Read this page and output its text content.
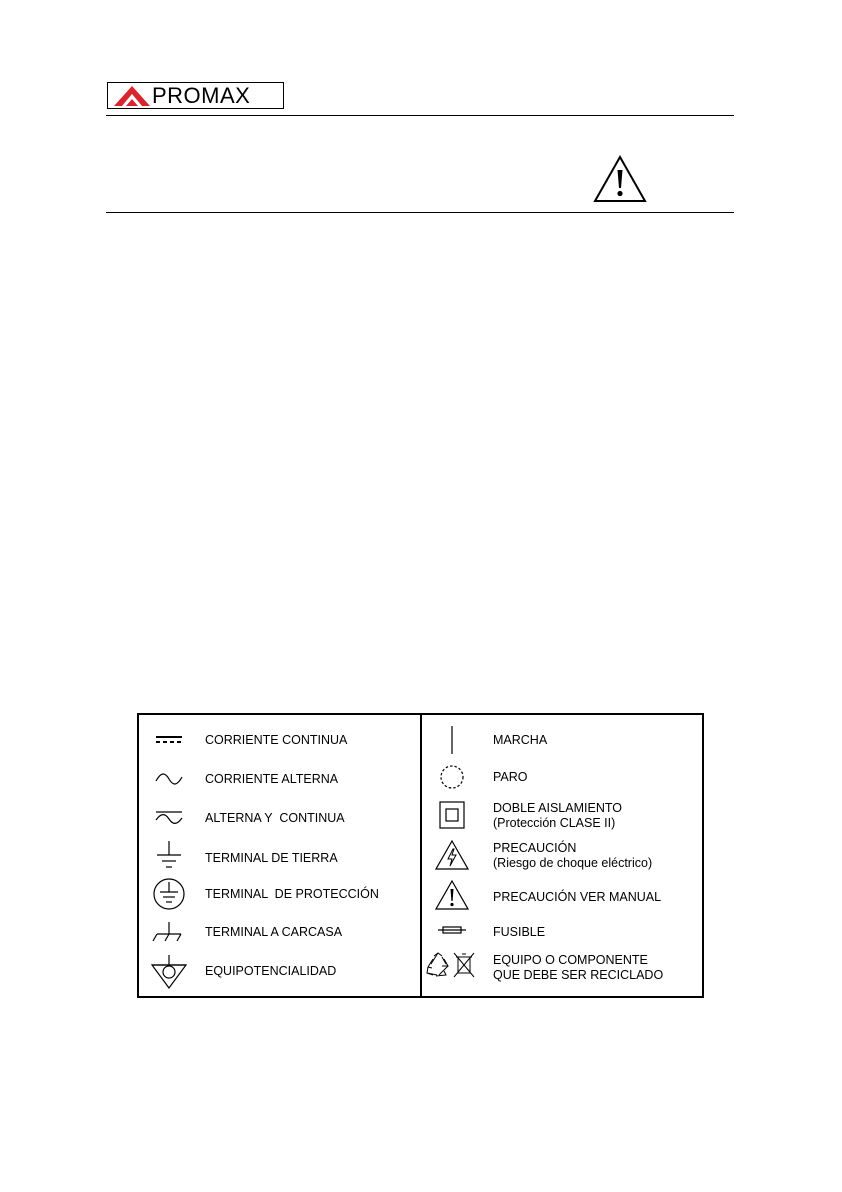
PROMAX
CORRIENTE CONTINUA
CORRIENTE ALTERNA
ALTERNA Y  CONTINUA
TERMINAL DE TIERRA
TERMINAL  DE PROTECCIÓN
TERMINAL A CARCASA
EQUIPOTENCIALIDAD
MARCHA
PARO
DOBLE AISLAMIENTO
(Protección CLASE II)
PRECAUCIÓN
(Riesgo de choque eléctrico)
PRECAUCIÓN VER MANUAL
FUSIBLE
EQUIPO O COMPONENTE
QUE DEBE SER RECICLADO
